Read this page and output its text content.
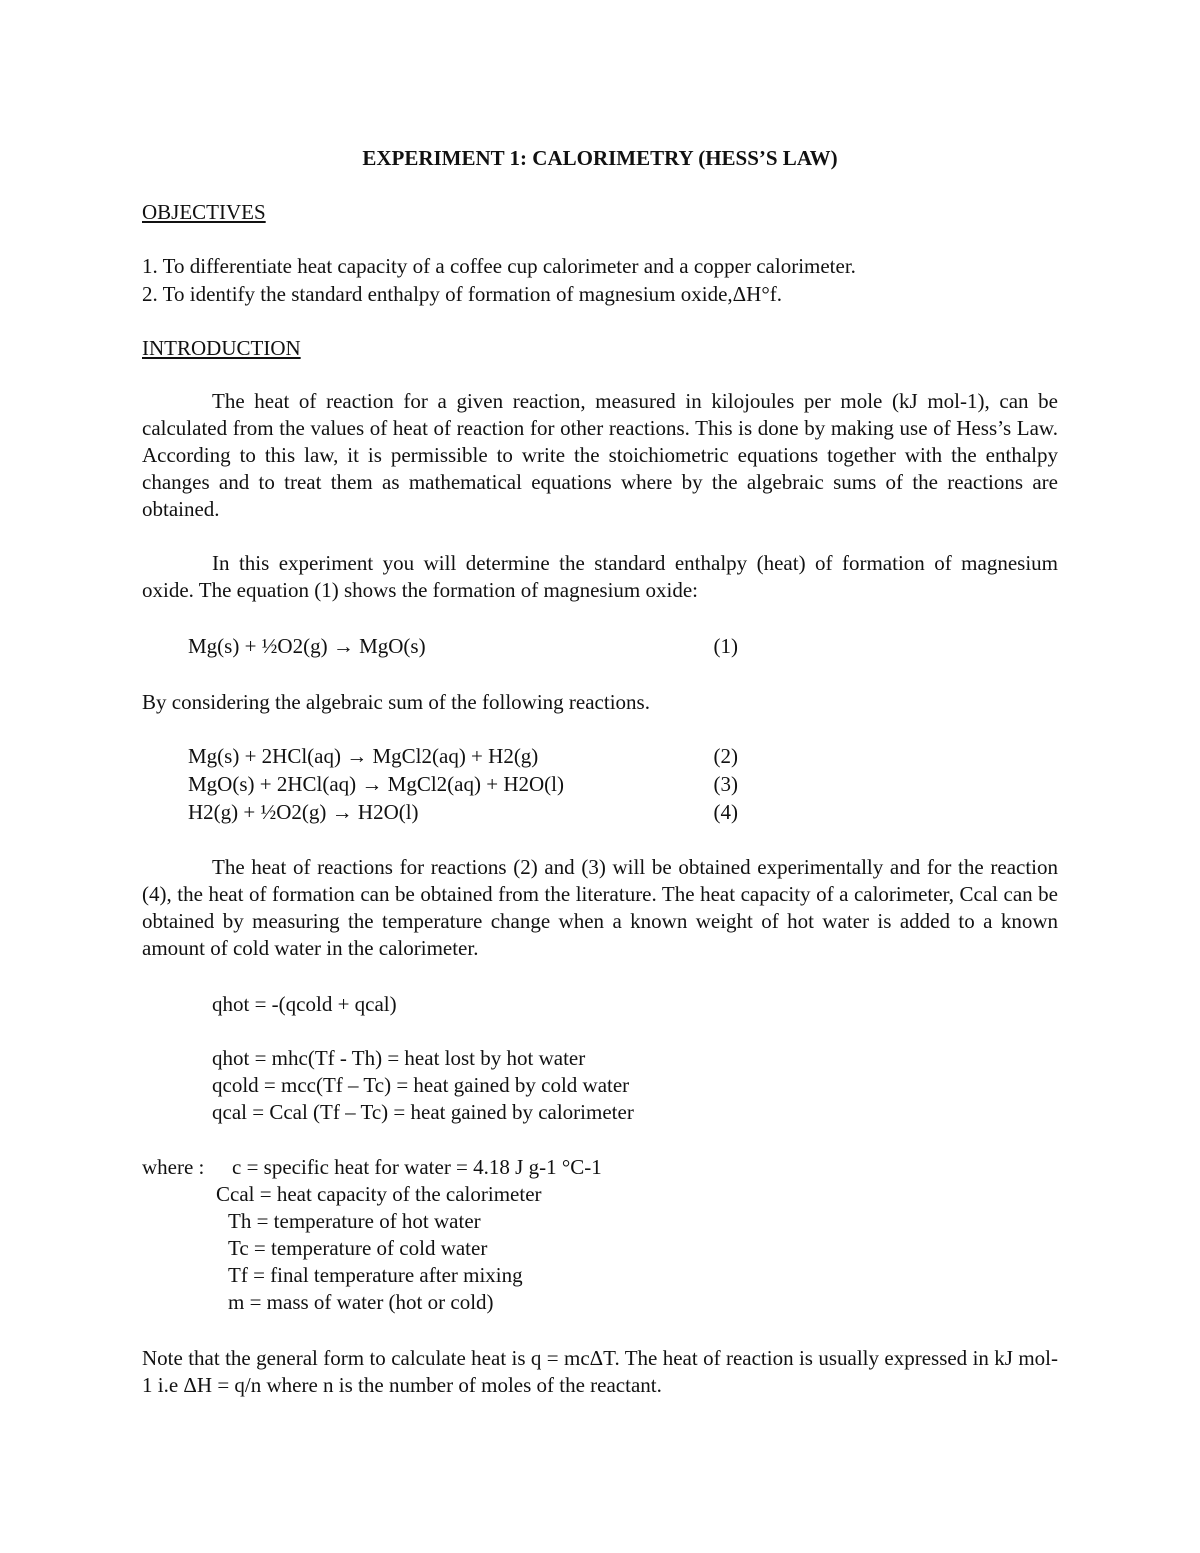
EXPERIMENT 1: CALORIMETRY (HESS’S LAW)
OBJECTIVES
1. To differentiate heat capacity of a coffee cup calorimeter and a copper calorimeter.
2. To identify the standard enthalpy of formation of magnesium oxide,ΔH°f.
INTRODUCTION

The heat of reaction for a given reaction, measured in kilojoules per mole (kJ mol-1), can be calculated from the values of heat of reaction for other reactions. This is done by making use of Hess’s Law. According to this law, it is permissible to write the stoichiometric equations together with the enthalpy changes and to treat them as mathematical equations where by the algebraic sums of the reactions are obtained.

In this experiment you will determine the standard enthalpy (heat) of formation of magnesium oxide. The equation (1) shows the formation of magnesium oxide:

Mg(s) + ½O2(g) → MgO(s)	(1)
By considering the algebraic sum of the following reactions.
Mg(s) + 2HCl(aq) → MgCl2(aq) + H2(g)	(2)
MgO(s) + 2HCl(aq) → MgCl2(aq) + H2O(l)	(3)
H2(g) + ½O2(g) → H2O(l)	(4)

The heat of reactions for reactions (2) and (3) will be obtained experimentally and for the reaction (4), the heat of formation can be obtained from the literature. The heat capacity of a calorimeter, Ccal can be obtained by measuring the temperature change when a known weight of hot water is added to a known amount of cold water in the calorimeter.

qhot = -(qcold + qcal)
qhot = mhc(Tf - Th) = heat lost by hot water
qcold = mcc(Tf – Tc) = heat gained by cold water
qcal = Ccal (Tf – Tc) = heat gained by calorimeter
where : c = specific heat for water = 4.18 J g-1 °C-1
Ccal = heat capacity of the calorimeter
Th = temperature of hot water
Tc = temperature of cold water
Tf = final temperature after mixing
m = mass of water (hot or cold)

Note that the general form to calculate heat is q = mcΔT. The heat of reaction is usually expressed in kJ mol-1 i.e ΔH = q/n where n is the number of moles of the reactant.
